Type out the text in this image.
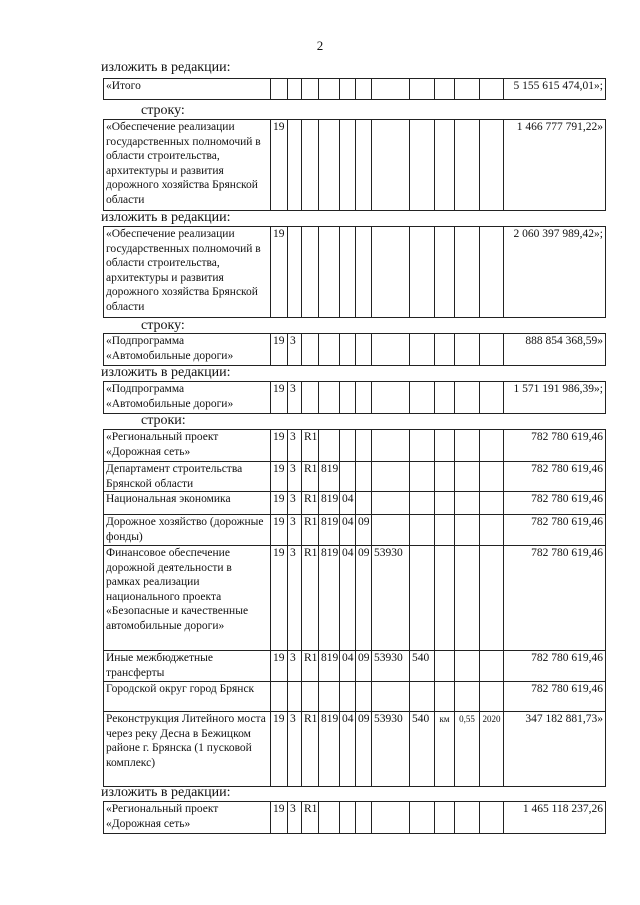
2
изложить в редакции:
«Итого												5 155 615 474,01»;
строку:
«Обеспечение реализации государственных полномочий в области строительства, архитектуры и развития дорожного хозяйства Брянской области	19											1 466 777 791,22»
изложить в редакции:
«Обеспечение реализации государственных полномочий в области строительства, архитектуры и развития дорожного хозяйства Брянской области	19											2 060 397 989,42»;
строку:
«Подпрограмма «Автомобильные дороги»	19	3										888 854 368,59»
изложить в редакции:
«Подпрограмма «Автомобильные дороги»	19	3										1 571 191 986,39»;
строки:
«Региональный проект «Дорожная сеть»	19	3	R1									782 780 619,46
Департамент строительства Брянской области	19	3	R1	819								782 780 619,46
Национальная экономика	19	3	R1	819	04							782 780 619,46
Дорожное хозяйство (дорожные фонды)	19	3	R1	819	04	09						782 780 619,46
Финансовое обеспечение дорожной деятельности в рамках реализации национального проекта «Безопасные и качественные автомобильные дороги»	19	3	R1	819	04	09	53930					782 780 619,46
Иные межбюджетные трансферты	19	3	R1	819	04	09	53930	540				782 780 619,46
Городской округ город Брянск												782 780 619,46
Реконструкция Литейного моста через реку Десна в Бежицком районе г. Брянска (1 пусковой комплекс)	19	3	R1	819	04	09	53930	540	км	0,55	2020	347 182 881,73»
изложить в редакции:
«Региональный проект «Дорожная сеть»	19	3	R1									1 465 118 237,26
